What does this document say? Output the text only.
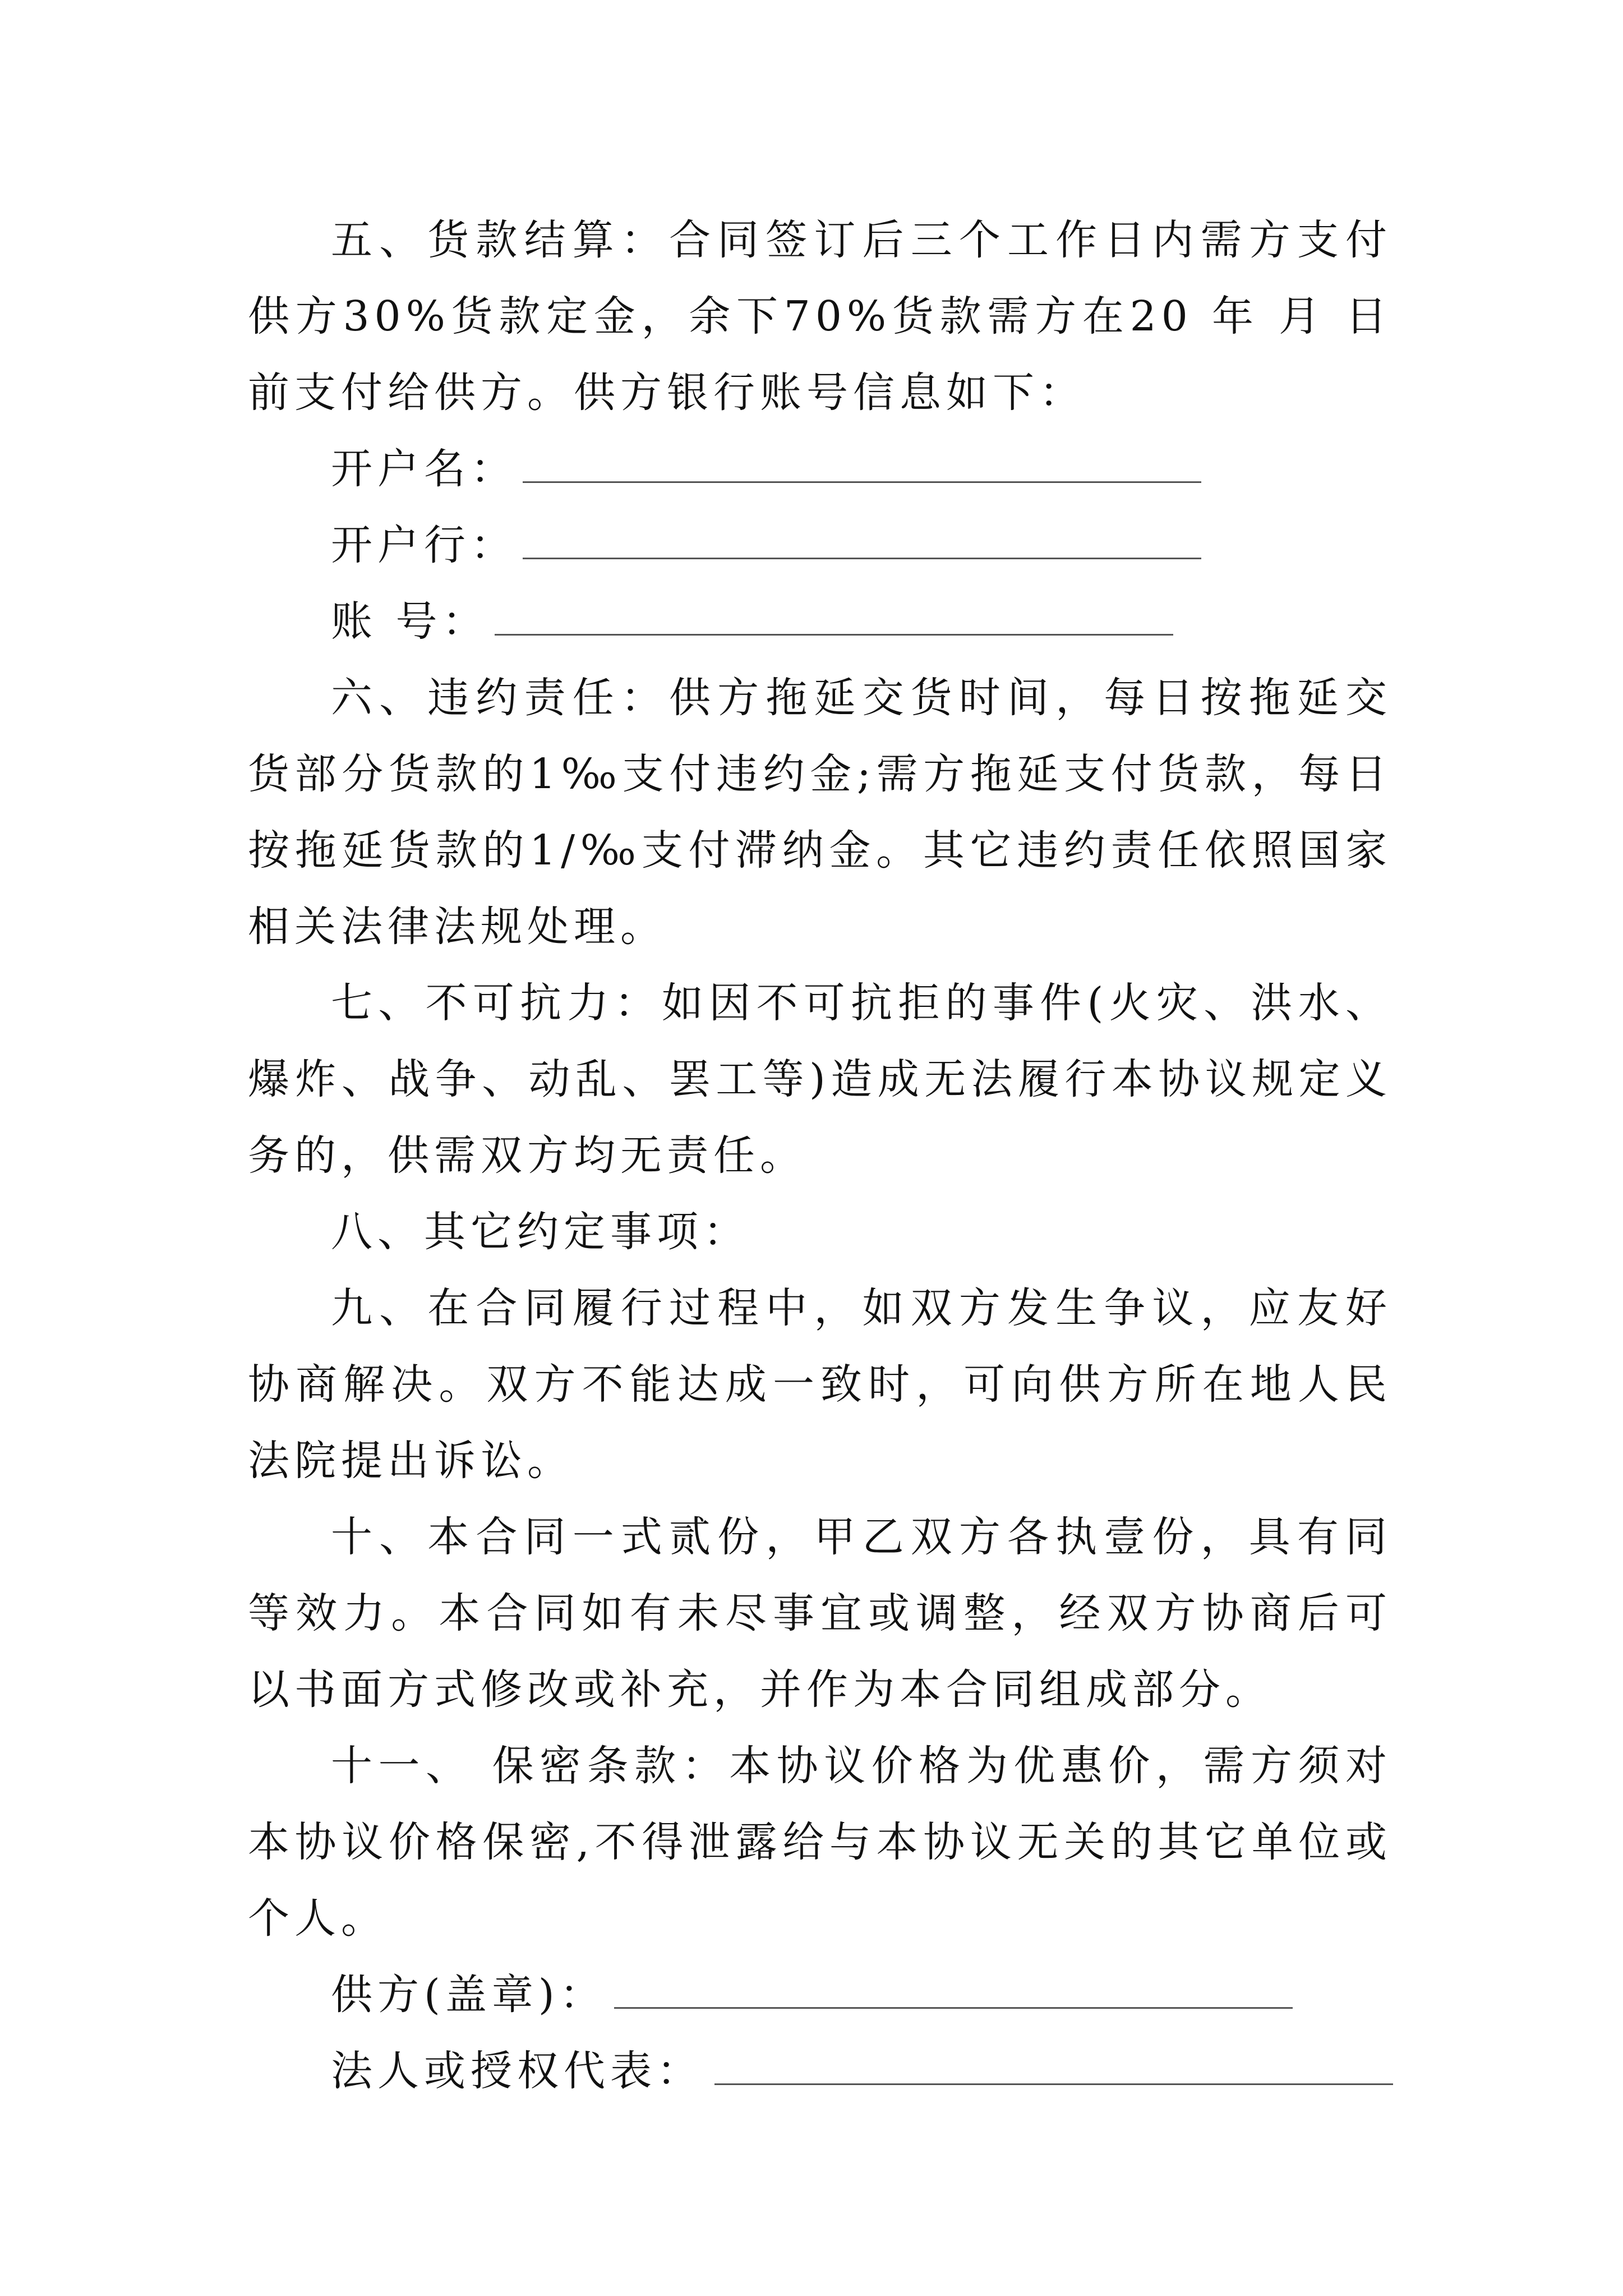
五、货款结算：合同签订后三个工作日内需方支付供方30%货款定金，余下70%货款需方在20 年 月 日前支付给供方。供方银行账号信息如下：

开户名：

开户行：

账 号：

六、违约责任：供方拖延交货时间，每日按拖延交货部分货款的1‰支付违约金;需方拖延支付货款，每日按拖延货款的1/‰支付滞纳金。其它违约责任依照国家相关法律法规处理。

七、不可抗力：如因不可抗拒的事件(火灾、洪水、爆炸、战争、动乱、罢工等)造成无法履行本协议规定义务的，供需双方均无责任。

八、其它约定事项：

九、在合同履行过程中，如双方发生争议，应友好协商解决。双方不能达成一致时，可向供方所在地人民法院提出诉讼。

十、本合同一式贰份，甲乙双方各执壹份，具有同等效力。本合同如有未尽事宜或调整，经双方协商后可以书面方式修改或补充，并作为本合同组成部分。

十一、 保密条款：本协议价格为优惠价，需方须对本协议价格保密,不得泄露给与本协议无关的其它单位或个人。

供方(盖章)：

法人或授权代表：
